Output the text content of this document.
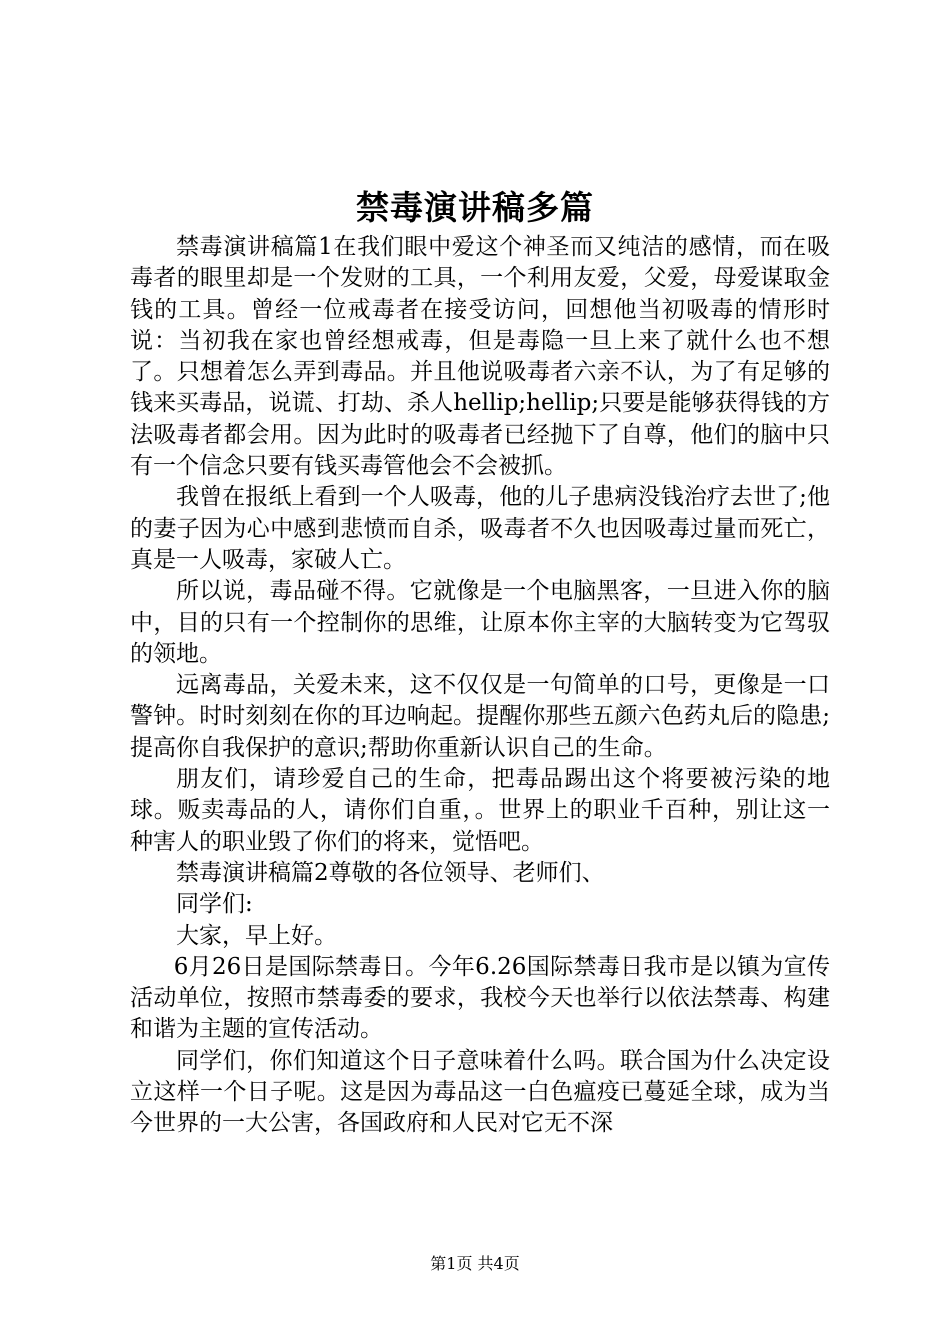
禁毒演讲稿多篇

禁毒演讲稿篇1在我们眼中爱这个神圣而又纯洁的感情，而在吸毒者的眼里却是一个发财的工具，一个利用友爱，父爱，母爱谋取金钱的工具。曾经一位戒毒者在接受访问，回想他当初吸毒的情形时说：当初我在家也曾经想戒毒，但是毒隐一旦上来了就什么也不想了。只想着怎么弄到毒品。并且他说吸毒者六亲不认，为了有足够的钱来买毒品，说谎、打劫、杀人hellip;hellip;只要是能够获得钱的方法吸毒者都会用。因为此时的吸毒者已经抛下了自尊，他们的脑中只有一个信念只要有钱买毒管他会不会被抓。

我曾在报纸上看到一个人吸毒，他的儿子患病没钱治疗去世了;他的妻子因为心中感到悲愤而自杀，吸毒者不久也因吸毒过量而死亡，真是一人吸毒，家破人亡。

所以说，毒品碰不得。它就像是一个电脑黑客，一旦进入你的脑中，目的只有一个控制你的思维，让原本你主宰的大脑转变为它驾驭的领地。

远离毒品，关爱未来，这不仅仅是一句简单的口号，更像是一口警钟。时时刻刻在你的耳边响起。提醒你那些五颜六色药丸后的隐患;提高你自我保护的意识;帮助你重新认识自己的生命。

朋友们，请珍爱自己的生命，把毒品踢出这个将要被污染的地球。贩卖毒品的人，请你们自重，。世界上的职业千百种，别让这一种害人的职业毁了你们的将来，觉悟吧。

禁毒演讲稿篇2尊敬的各位领导、老师们、

同学们:

大家，早上好。

6月26日是国际禁毒日。今年6.26国际禁毒日我市是以镇为宣传活动单位，按照市禁毒委的要求，我校今天也举行以依法禁毒、构建和谐为主题的宣传活动。

同学们，你们知道这个日子意味着什么吗。联合国为什么决定设立这样一个日子呢。这是因为毒品这一白色瘟疫已蔓延全球，成为当今世界的一大公害，各国政府和人民对它无不深

第1页 共4页
